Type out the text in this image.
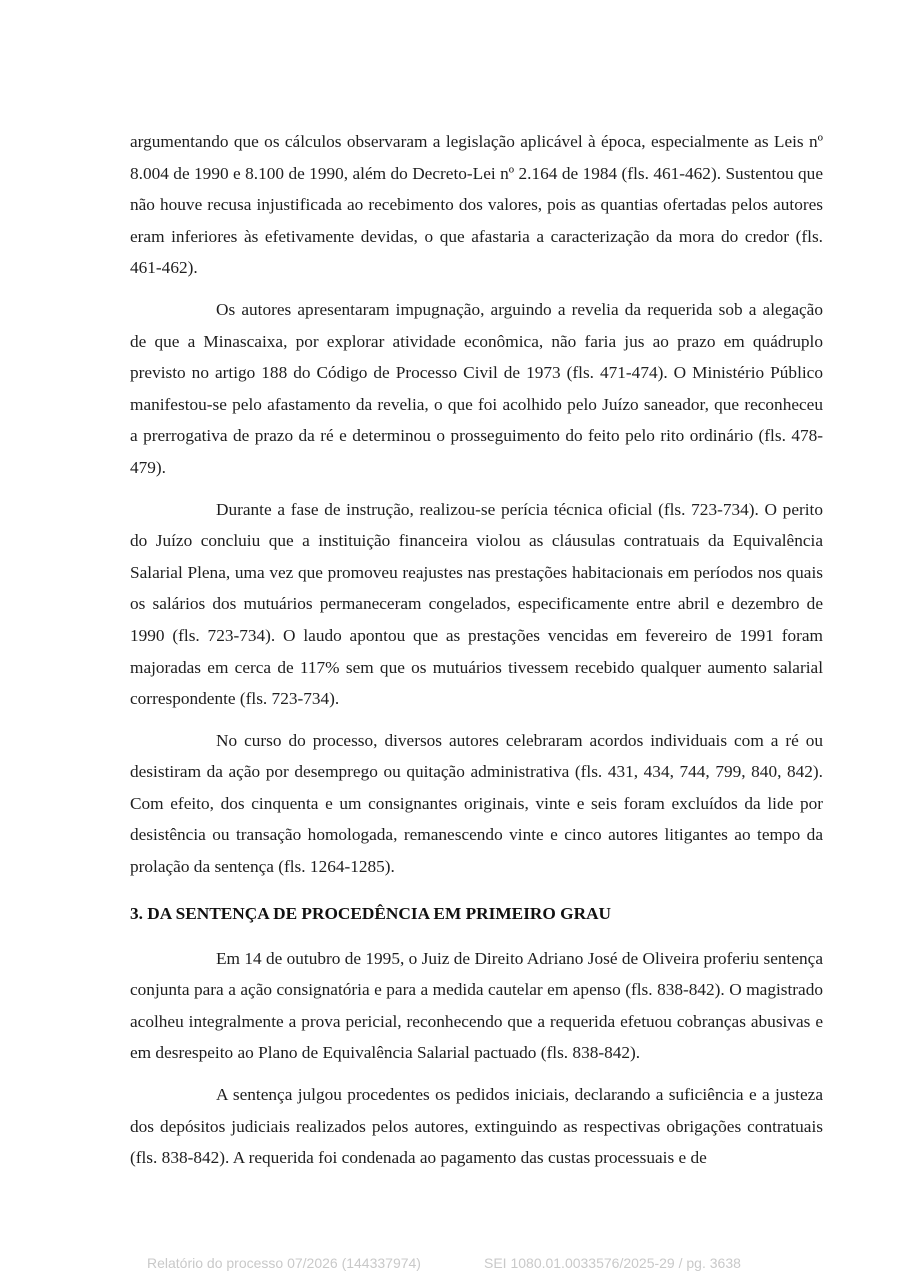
argumentando que os cálculos observaram a legislação aplicável à época, especialmente as Leis nº 8.004 de 1990 e 8.100 de 1990, além do Decreto-Lei nº 2.164 de 1984 (fls. 461-462). Sustentou que não houve recusa injustificada ao recebimento dos valores, pois as quantias ofertadas pelos autores eram inferiores às efetivamente devidas, o que afastaria a caracterização da mora do credor (fls. 461-462).

Os autores apresentaram impugnação, arguindo a revelia da requerida sob a alegação de que a Minascaixa, por explorar atividade econômica, não faria jus ao prazo em quádruplo previsto no artigo 188 do Código de Processo Civil de 1973 (fls. 471-474). O Ministério Público manifestou-se pelo afastamento da revelia, o que foi acolhido pelo Juízo saneador, que reconheceu a prerrogativa de prazo da ré e determinou o prosseguimento do feito pelo rito ordinário (fls. 478-479).

Durante a fase de instrução, realizou-se perícia técnica oficial (fls. 723-734). O perito do Juízo concluiu que a instituição financeira violou as cláusulas contratuais da Equivalência Salarial Plena, uma vez que promoveu reajustes nas prestações habitacionais em períodos nos quais os salários dos mutuários permaneceram congelados, especificamente entre abril e dezembro de 1990 (fls. 723-734). O laudo apontou que as prestações vencidas em fevereiro de 1991 foram majoradas em cerca de 117% sem que os mutuários tivessem recebido qualquer aumento salarial correspondente (fls. 723-734).

No curso do processo, diversos autores celebraram acordos individuais com a ré ou desistiram da ação por desemprego ou quitação administrativa (fls. 431, 434, 744, 799, 840, 842). Com efeito, dos cinquenta e um consignantes originais, vinte e seis foram excluídos da lide por desistência ou transação homologada, remanescendo vinte e cinco autores litigantes ao tempo da prolação da sentença (fls. 1264-1285).

3. DA SENTENÇA DE PROCEDÊNCIA EM PRIMEIRO GRAU

Em 14 de outubro de 1995, o Juiz de Direito Adriano José de Oliveira proferiu sentença conjunta para a ação consignatória e para a medida cautelar em apenso (fls. 838-842). O magistrado acolheu integralmente a prova pericial, reconhecendo que a requerida efetuou cobranças abusivas e em desrespeito ao Plano de Equivalência Salarial pactuado (fls. 838-842).

A sentença julgou procedentes os pedidos iniciais, declarando a suficiência e a justeza dos depósitos judiciais realizados pelos autores, extinguindo as respectivas obrigações contratuais (fls. 838-842). A requerida foi condenada ao pagamento das custas processuais e de

Relatório do processo 07/2026 (144337974)	SEI 1080.01.0033576/2025-29 / pg. 3638
